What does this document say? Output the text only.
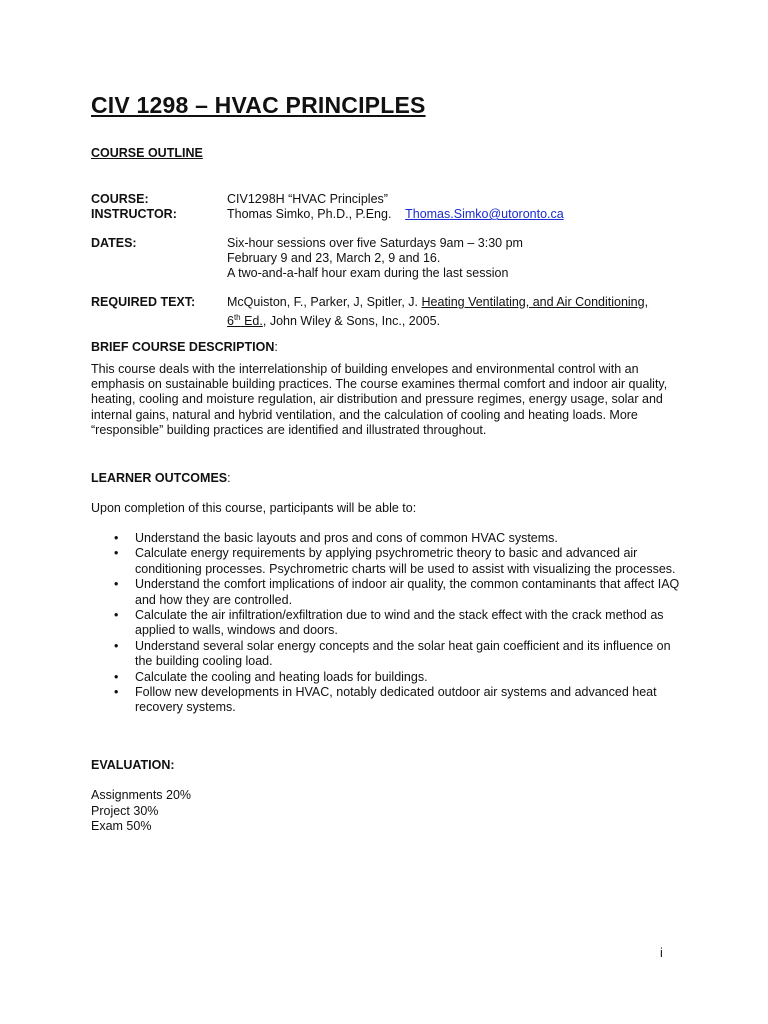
CIV 1298 – HVAC PRINCIPLES
COURSE OUTLINE
COURSE:	CIV1298H “HVAC Principles”
INSTRUCTOR:	Thomas Simko, Ph.D., P.Eng. Thomas.Simko@utoronto.ca
DATES:	Six-hour sessions over five Saturdays 9am – 3:30 pm
February 9 and 23, March 2, 9 and 16.
A two-and-a-half hour exam during the last session
REQUIRED TEXT:	McQuiston, F., Parker, J, Spitler, J. Heating Ventilating, and Air Conditioning,
6th Ed., John Wiley & Sons, Inc., 2005.
BRIEF COURSE DESCRIPTION:
This course deals with the interrelationship of building envelopes and environmental control with an emphasis on sustainable building practices. The course examines thermal comfort and indoor air quality, heating, cooling and moisture regulation, air distribution and pressure regimes, energy usage, solar and internal gains, natural and hybrid ventilation, and the calculation of cooling and heating loads. More “responsible” building practices are identified and illustrated throughout.
LEARNER OUTCOMES:
Upon completion of this course, participants will be able to:
• Understand the basic layouts and pros and cons of common HVAC systems.
• Calculate energy requirements by applying psychrometric theory to basic and advanced air conditioning processes. Psychrometric charts will be used to assist with visualizing the processes.
• Understand the comfort implications of indoor air quality, the common contaminants that affect IAQ and how they are controlled.
• Calculate the air infiltration/exfiltration due to wind and the stack effect with the crack method as applied to walls, windows and doors.
• Understand several solar energy concepts and the solar heat gain coefficient and its influence on the building cooling load.
• Calculate the cooling and heating loads for buildings.
• Follow new developments in HVAC, notably dedicated outdoor air systems and advanced heat recovery systems.
EVALUATION:
Assignments 20%
Project 30%
Exam 50%
i
